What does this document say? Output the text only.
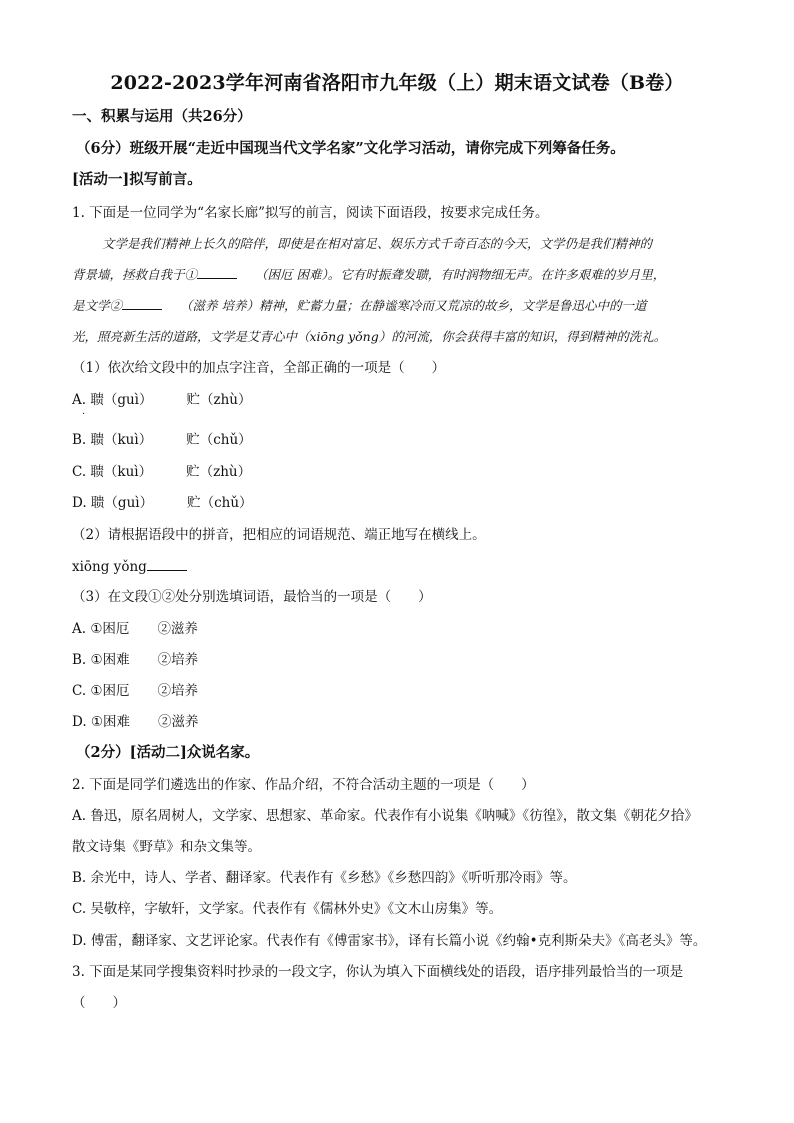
2022-2023学年河南省洛阳市九年级（上）期末语文试卷（B卷）
一、积累与运用（共26分）
（6分）班级开展“走近中国现当代文学名家”文化学习活动，请你完成下列筹备任务。
[活动一]拟写前言。
1. 下面是一位同学为“名家长廊”拟写的前言，阅读下面语段，按要求完成任务。
文学是我们精神上长久的陪伴，即使是在相对富足、娱乐方式千奇百态的今天，文学仍是我们精神的
背景墙，拯救自我于①	（困厄 困难）。它有时振聋发聩，有时润物细无声。在许多艰难的岁月里，
是文学②	（滋养 培养）精神，贮蓄力量；在静谧寒冷而又荒凉的故乡，文学是鲁迅心中的一道
光，照亮新生活的道路，文学是艾青心中（xiōng yǒng）的河流，你会获得丰富的知识，得到精神的洗礼。
（1）依次给文段中的加点字注音，全部正确的一项是（　　）
A. 聩（guì）	贮（zhù）
·
B. 聩（kuì）	贮（chǔ）
C. 聩（kuì）	贮（zhù）
D. 聩（guì）	贮（chǔ）
（2）请根据语段中的拼音，把相应的词语规范、端正地写在横线上。
xiōng yǒng
（3）在文段①②处分别选填词语，最恰当的一项是（　　）
A. ①困厄 ②滋养
B. ①困难 ②培养
C. ①困厄 ②培养
D. ①困难 ②滋养
（2分）[活动二]众说名家。
2. 下面是同学们遴选出的作家、作品介绍，不符合活动主题的一项是（　　）
A. 鲁迅，原名周树人，文学家、思想家、革命家。代表作有小说集《呐喊》《彷徨》，散文集《朝花夕拾》
散文诗集《野草》和杂文集等。
B. 余光中，诗人、学者、翻译家。代表作有《乡愁》《乡愁四韵》《听听那冷雨》等。
C. 吴敬梓，字敏轩，文学家。代表作有《儒林外史》《文木山房集》等。
D. 傅雷，翻译家、文艺评论家。代表作有《傅雷家书》，译有长篇小说《约翰•克利斯朵夫》《高老头》等。
3. 下面是某同学搜集资料时抄录的一段文字，你认为填入下面横线处的语段，语序排列最恰当的一项是
（　　）
